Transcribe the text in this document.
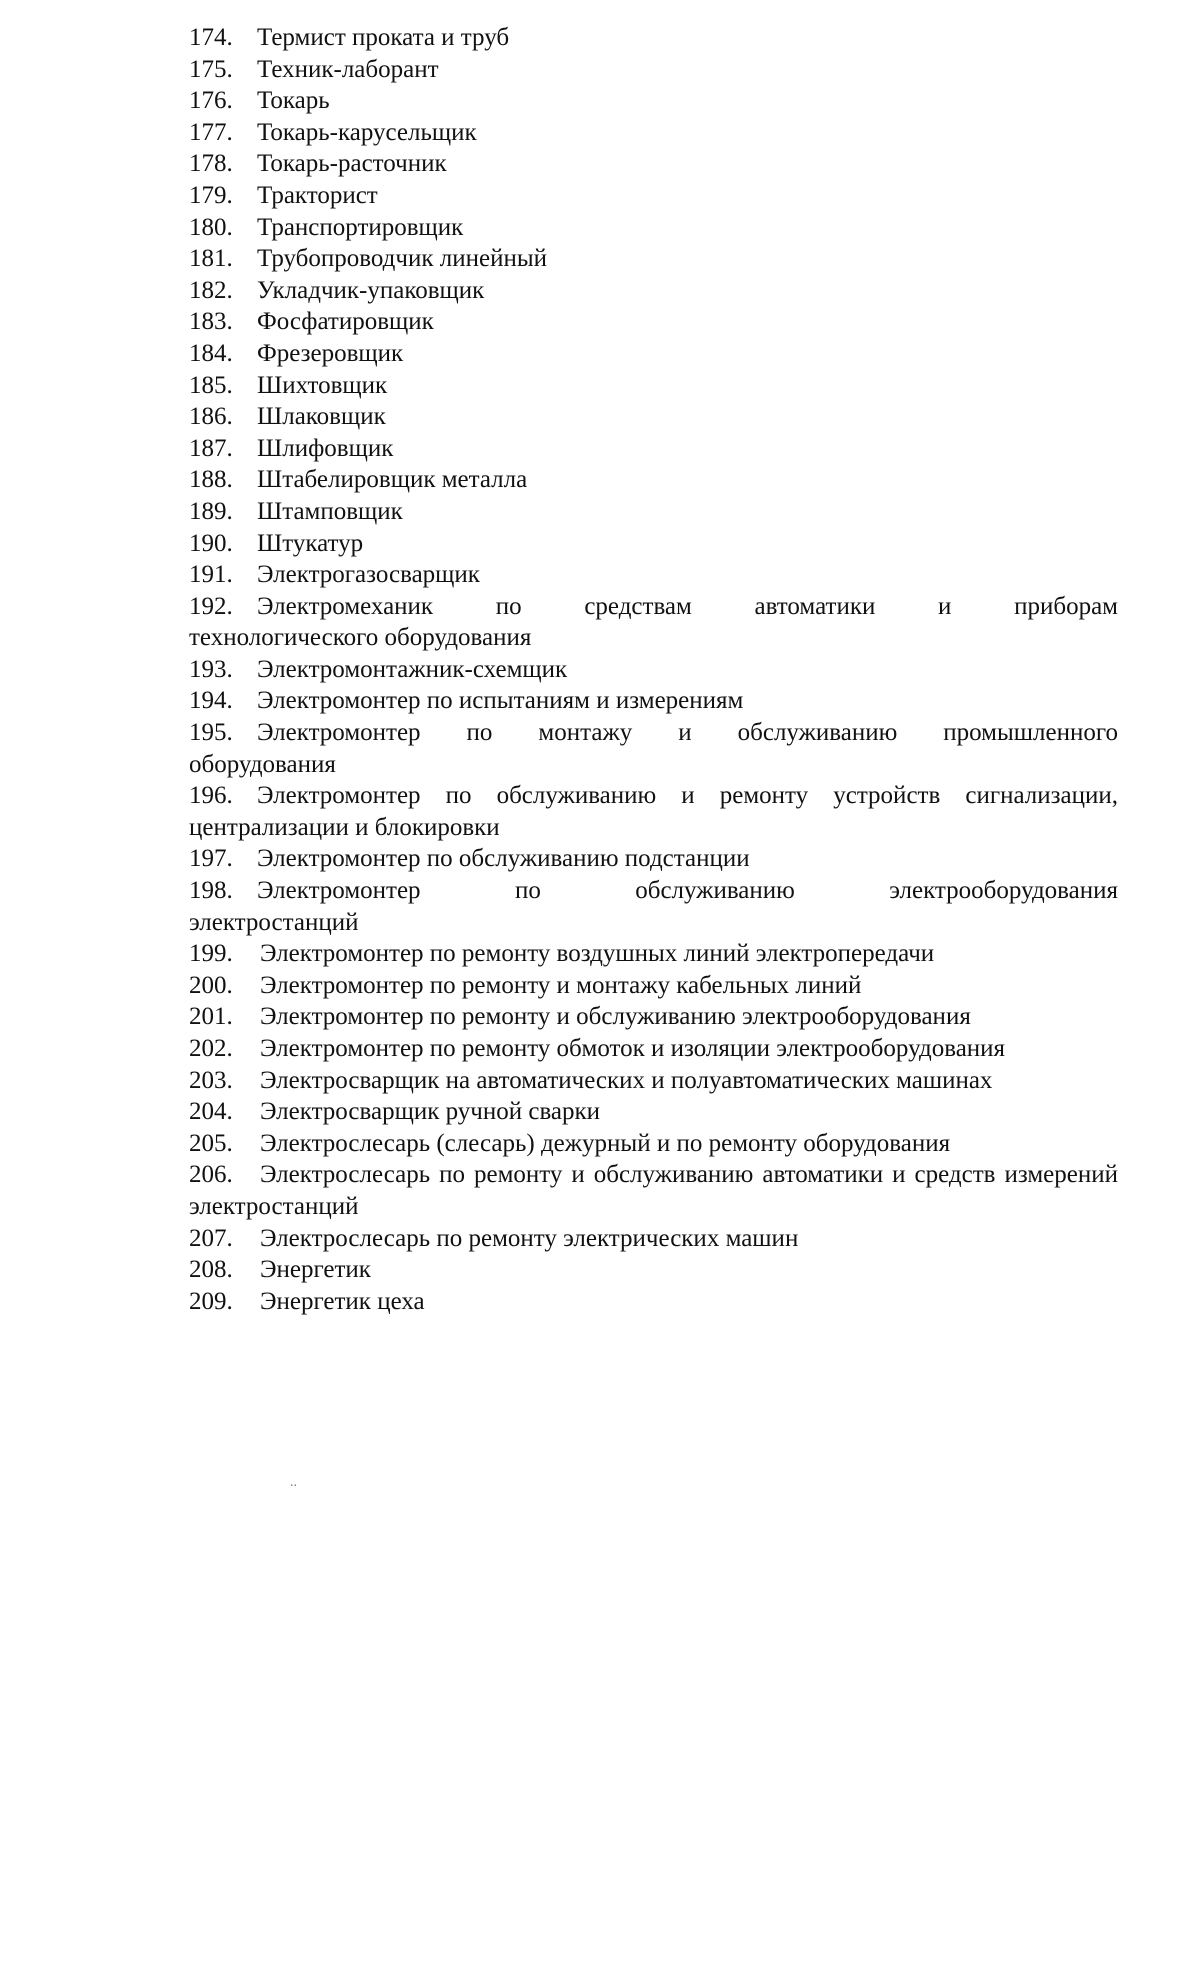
174. Термист проката и труб
175. Техник-лаборант
176. Токарь
177. Токарь-карусельщик
178. Токарь-расточник
179. Тракторист
180. Транспортировщик
181. Трубопроводчик линейный
182. Укладчик-упаковщик
183. Фосфатировщик
184. Фрезеровщик
185. Шихтовщик
186. Шлаковщик
187. Шлифовщик
188. Штабелировщик металла
189. Штамповщик
190. Штукатур
191. Электрогазосварщик
192. Электромеханик по средствам автоматики и приборам
технологического оборудования
193. Электромонтажник-схемщик
194. Электромонтер по испытаниям и измерениям
195. Электромонтер по монтажу и обслуживанию промышленного
оборудования
196. Электромонтер по обслуживанию и ремонту устройств сигнализации, централизации и блокировки
197. Электромонтер по обслуживанию подстанции
198. Электромонтер по обслуживанию электрооборудования
электростанций
199.	Электромонтер по ремонту воздушных линий электропередачи
200.	Электромонтер по ремонту и монтажу кабельных линий
201.	Электромонтер по ремонту и обслуживанию электрооборудования
202.	Электромонтер по ремонту обмоток и изоляции электрооборудования
203.	Электросварщик на автоматических и полуавтоматических машинах
204.	Электросварщик ручной сварки
205.	Электрослесарь (слесарь) дежурный и по ремонту оборудования
206. Электрослесарь по ремонту и обслуживанию автоматики и средств измерений электростанций
207.	Электрослесарь по ремонту электрических машин
208.	Энергетик
209.	Энергетик цеха
..
